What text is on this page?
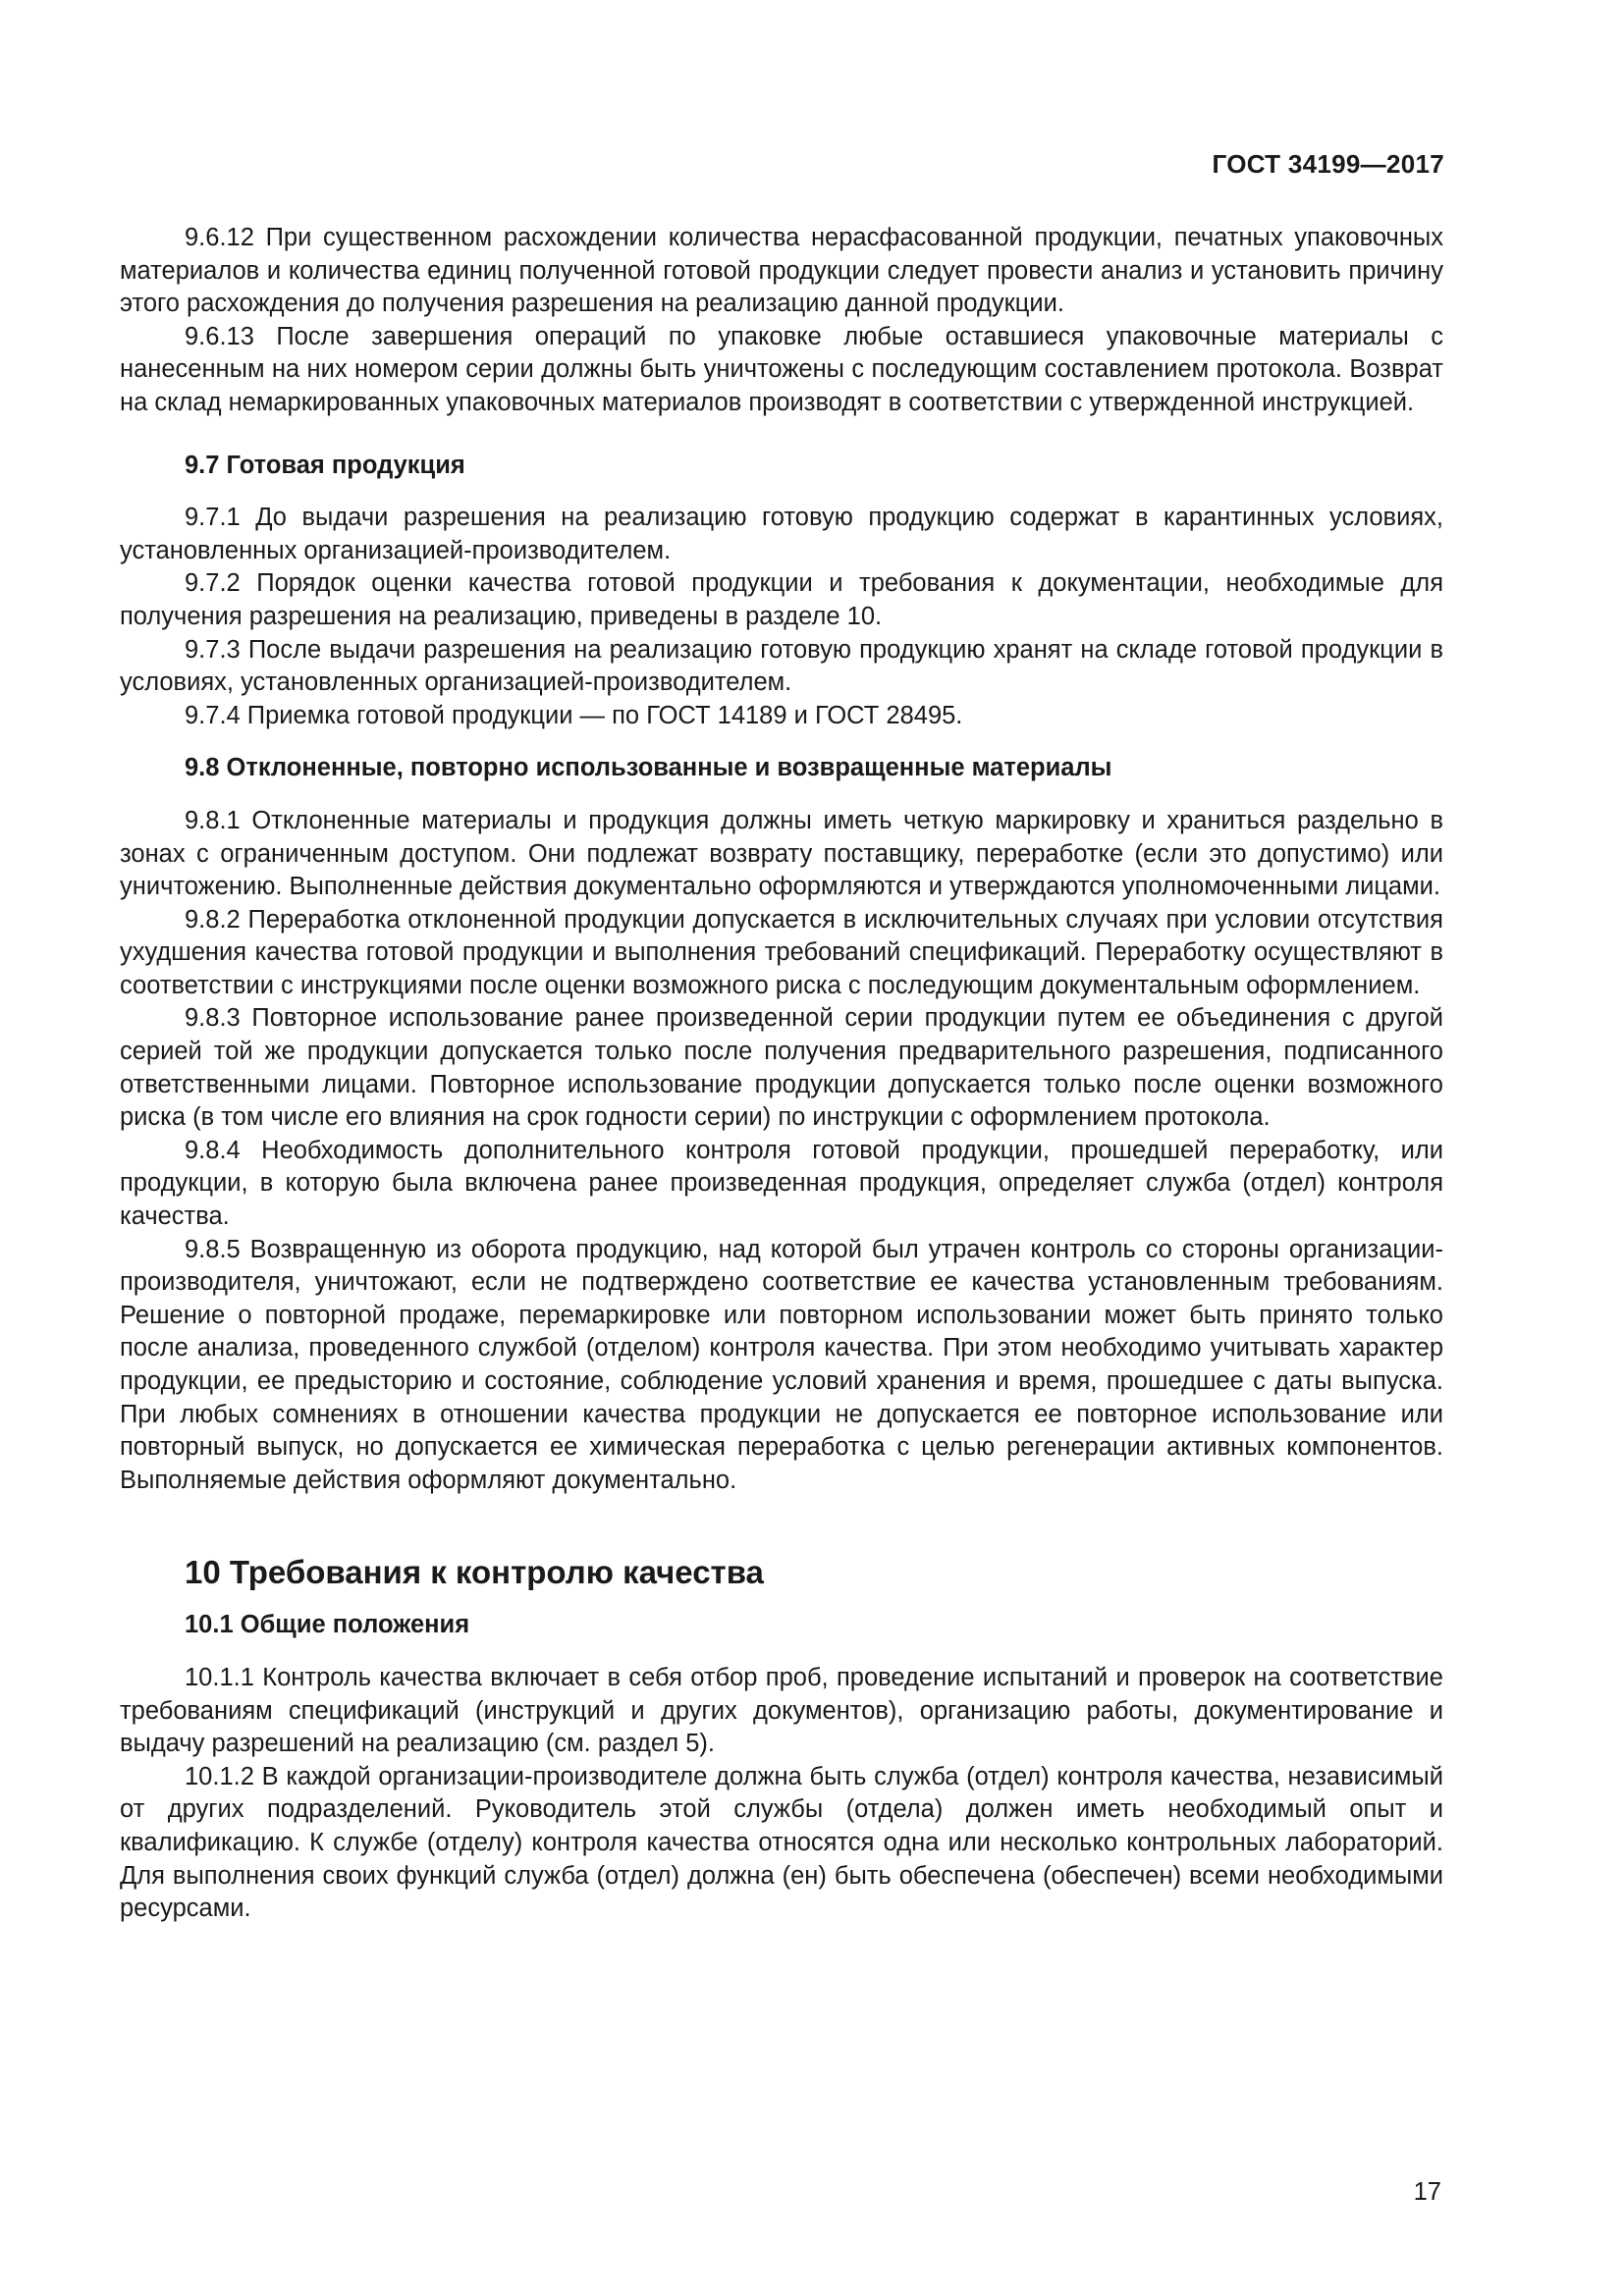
ГОСТ 34199—2017

9.6.12 При существенном расхождении количества нерасфасованной продукции, печатных упаковочных материалов и количества единиц полученной готовой продукции следует провести анализ и установить причину этого расхождения до получения разрешения на реализацию данной продукции.

9.6.13 После завершения операций по упаковке любые оставшиеся упаковочные материалы с нанесенным на них номером серии должны быть уничтожены с последующим составлением протокола. Возврат на склад немаркированных упаковочных материалов производят в соответствии с утвержденной инструкцией.

9.7 Готовая продукция

9.7.1 До выдачи разрешения на реализацию готовую продукцию содержат в карантинных условиях, установленных организацией-производителем.

9.7.2 Порядок оценки качества готовой продукции и требования к документации, необходимые для получения разрешения на реализацию, приведены в разделе 10.

9.7.3 После выдачи разрешения на реализацию готовую продукцию хранят на складе готовой продукции в условиях, установленных организацией-производителем.

9.7.4 Приемка готовой продукции — по ГОСТ 14189 и ГОСТ 28495.

9.8 Отклоненные, повторно использованные и возвращенные материалы

9.8.1 Отклоненные материалы и продукция должны иметь четкую маркировку и храниться раздельно в зонах с ограниченным доступом. Они подлежат возврату поставщику, переработке (если это допустимо) или уничтожению. Выполненные действия документально оформляются и утверждаются уполномоченными лицами.

9.8.2 Переработка отклоненной продукции допускается в исключительных случаях при условии отсутствия ухудшения качества готовой продукции и выполнения требований спецификаций. Переработку осуществляют в соответствии с инструкциями после оценки возможного риска с последующим документальным оформлением.

9.8.3 Повторное использование ранее произведенной серии продукции путем ее объединения с другой серией той же продукции допускается только после получения предварительного разрешения, подписанного ответственными лицами. Повторное использование продукции допускается только после оценки возможного риска (в том числе его влияния на срок годности серии) по инструкции с оформлением протокола.

9.8.4 Необходимость дополнительного контроля готовой продукции, прошедшей переработку, или продукции, в которую была включена ранее произведенная продукция, определяет служба (отдел) контроля качества.

9.8.5 Возвращенную из оборота продукцию, над которой был утрачен контроль со стороны организации-производителя, уничтожают, если не подтверждено соответствие ее качества установленным требованиям. Решение о повторной продаже, перемаркировке или повторном использовании может быть принято только после анализа, проведенного службой (отделом) контроля качества. При этом необходимо учитывать характер продукции, ее предысторию и состояние, соблюдение условий хранения и время, прошедшее с даты выпуска. При любых сомнениях в отношении качества продукции не допускается ее повторное использование или повторный выпуск, но допускается ее химическая переработка с целью регенерации активных компонентов. Выполняемые действия оформляют документально.

10 Требования к контролю качества

10.1 Общие положения

10.1.1 Контроль качества включает в себя отбор проб, проведение испытаний и проверок на соответствие требованиям спецификаций (инструкций и других документов), организацию работы, документирование и выдачу разрешений на реализацию (см. раздел 5).

10.1.2 В каждой организации-производителе должна быть служба (отдел) контроля качества, независимый от других подразделений. Руководитель этой службы (отдела) должен иметь необходимый опыт и квалификацию. К службе (отделу) контроля качества относятся одна или несколько контрольных лабораторий. Для выполнения своих функций служба (отдел) должна (ен) быть обеспечена (обеспечен) всеми необходимыми ресурсами.

17
